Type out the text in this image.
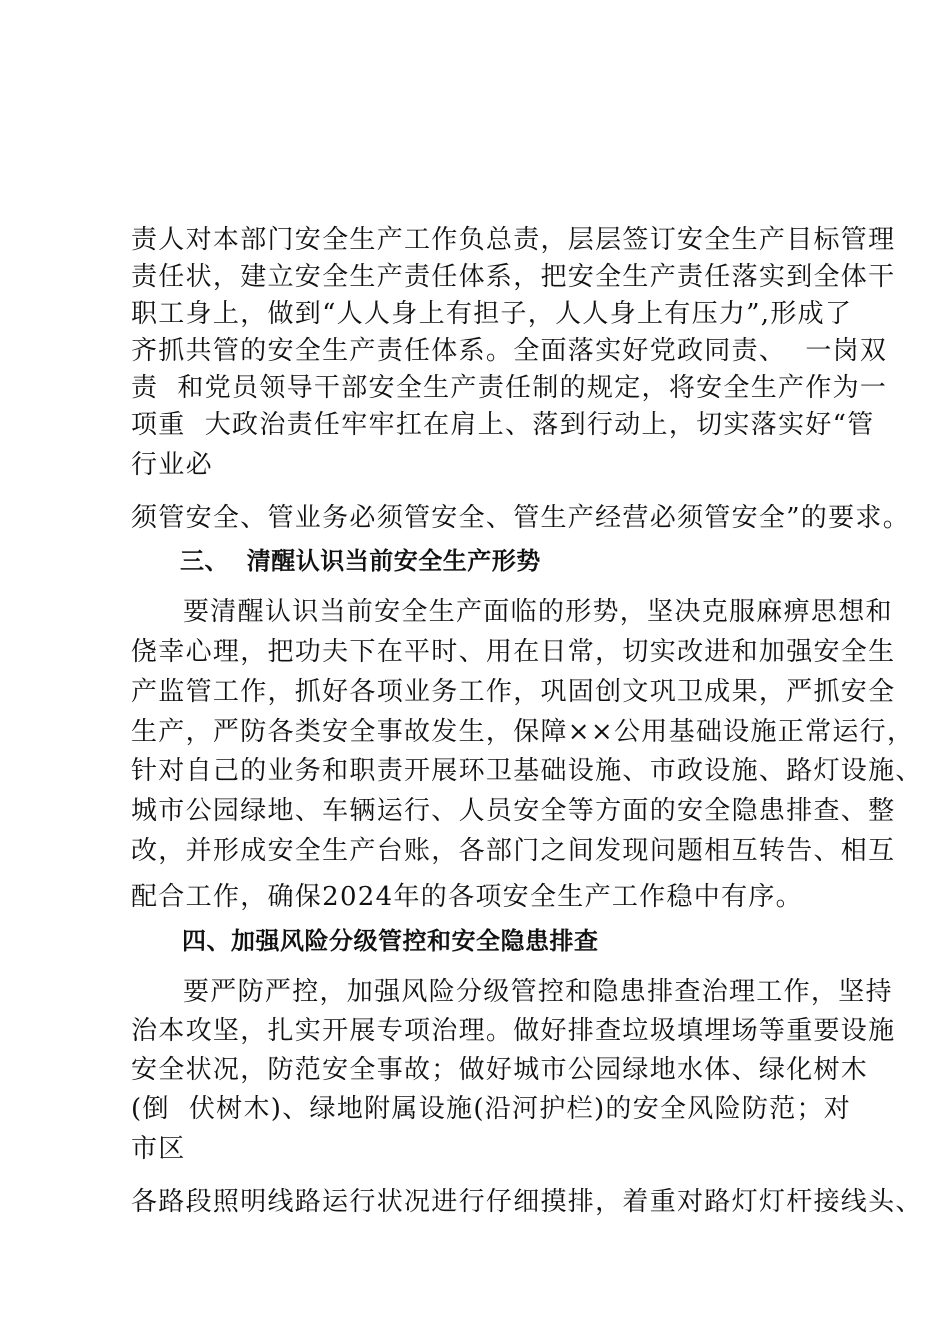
责人对本部门安全生产工作负总责，层层签订安全生产目标管理
责任状，建立安全生产责任体系，把安全生产责任落实到全体干
职工身上，做到“人人身上有担子，人人身上有压力”,形成了
齐抓共管的安全生产责任体系。全面落实好党政同责、  一岗双
责  和党员领导干部安全生产责任制的规定，将安全生产作为一
项重  大政治责任牢牢扛在肩上、落到行动上，切实落实好“管
行业必
须管安全、管业务必须管安全、管生产经营必须管安全”的要求。
三、  清醒认识当前安全生产形势
要清醒认识当前安全生产面临的形势，坚决克服麻痹思想和
侥幸心理，把功夫下在平时、用在日常，切实改进和加强安全生
产监管工作，抓好各项业务工作，巩固创文巩卫成果，严抓安全
生产，严防各类安全事故发生，保障××公用基础设施正常运行，
针对自己的业务和职责开展环卫基础设施、市政设施、路灯设施、
城市公园绿地、车辆运行、人员安全等方面的安全隐患排查、整
改，并形成安全生产台账，各部门之间发现问题相互转告、相互
配合工作，确保2024年的各项安全生产工作稳中有序。
四、加强风险分级管控和安全隐患排查
要严防严控，加强风险分级管控和隐患排查治理工作，坚持
治本攻坚，扎实开展专项治理。做好排查垃圾填埋场等重要设施
安全状况，防范安全事故；做好城市公园绿地水体、绿化树木
(倒  伏树木)、绿地附属设施(沿河护栏)的安全风险防范；对
市区
各路段照明线路运行状况进行仔细摸排，着重对路灯灯杆接线头、
